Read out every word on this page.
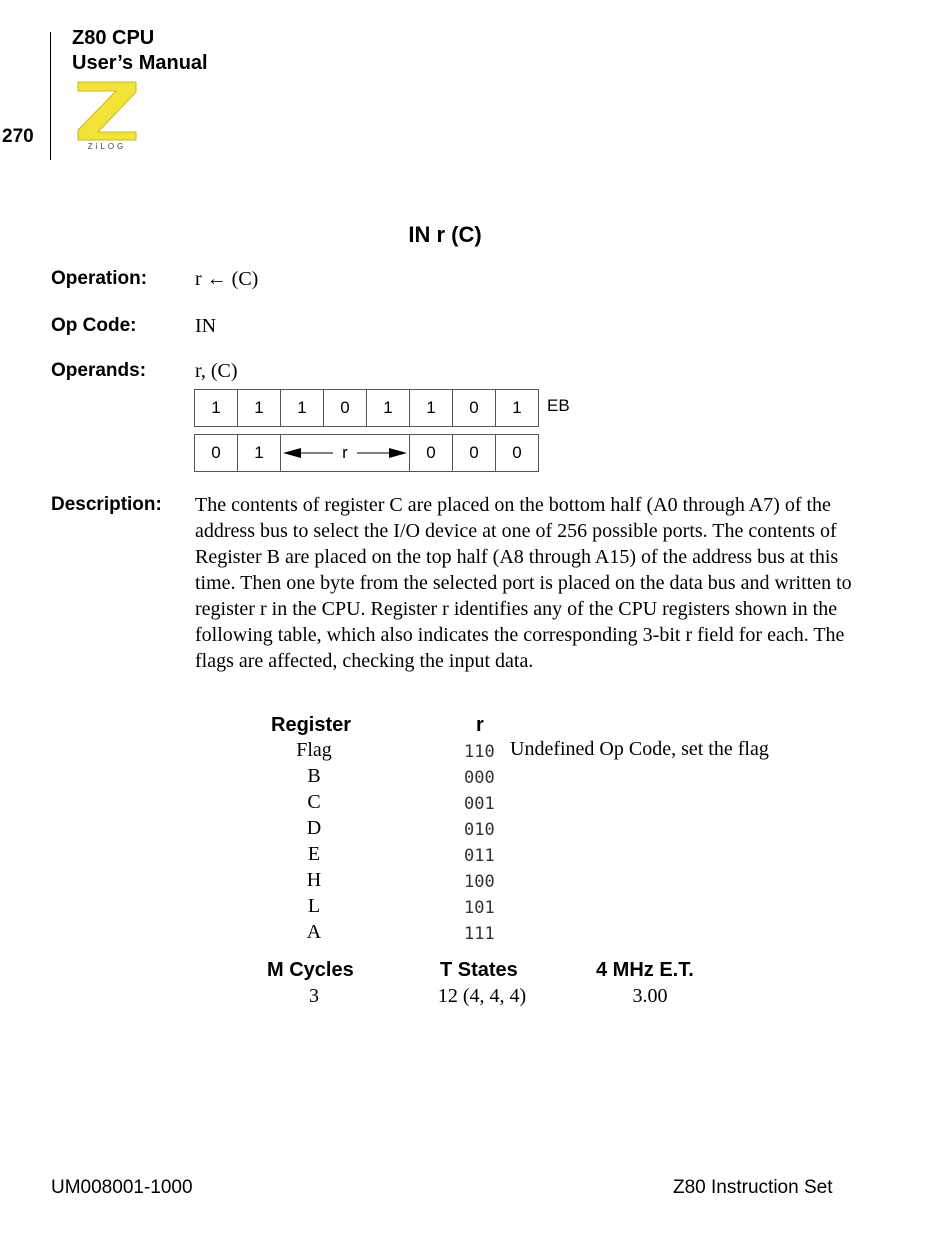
Z80 CPU
User’s Manual
270	ZiLOG
IN r (C)
Operation: r ← (C)
Op Code:	IN
Operands: r, (C)
1	1	1	0	1	1	0	1	EB
0	1	r	0	0	0
Description: The contents of register C are placed on the bottom half (A0 through A7) of the address bus to select the I/O device at one of 256 possible ports. The contents of Register B are placed on the top half (A8 through A15) of the address bus at this time. Then one byte from the selected port is placed on the data bus and written to register r in the CPU. Register r identifies any of the CPU registers shown in the following table, which also indicates the corresponding 3-bit r field for each. The flags are affected, checking the input data.

Register	r
Flag	110 Undefined Op Code, set the flag
B	000
C	001
D	010
E	011
H	100
L	101
A	111
M Cycles	T States	4 MHz E.T.
3	12 (4, 4, 4)	3.00
UM008001-1000	Z80 Instruction Set
